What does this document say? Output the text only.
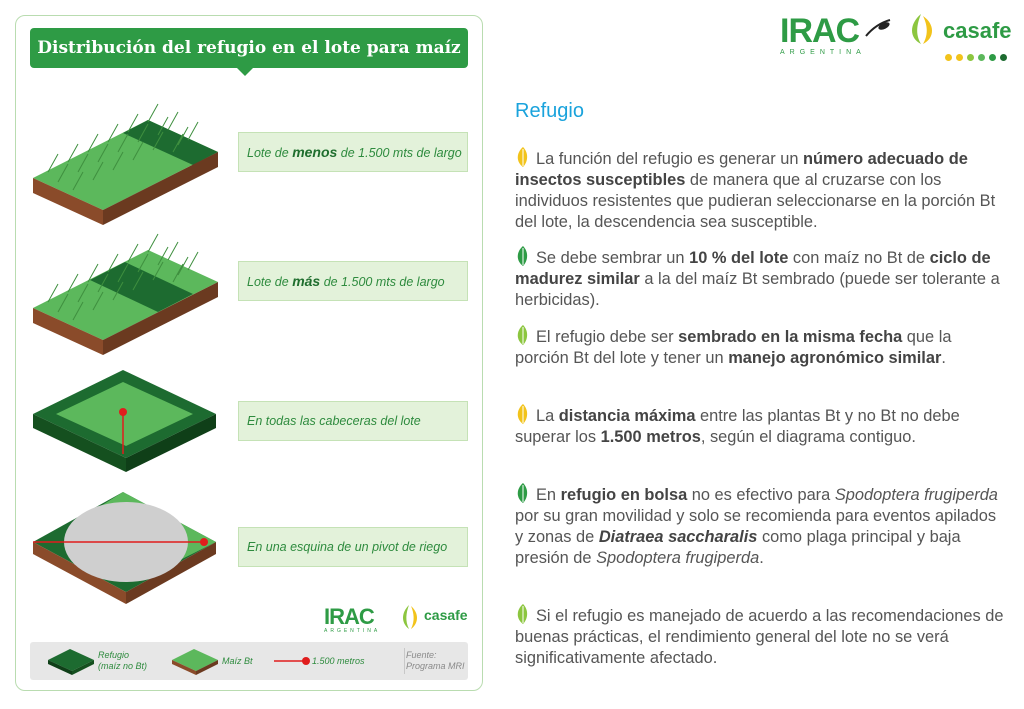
IRAC
ARGENTINA
casafe
Distribución del refugio en el lote para maíz
Lote de menos de 1.500 mts de largo
Lote de más de 1.500 mts de largo
En todas las cabeceras del lote
En una esquina de un pivot de riego
IRAC
ARGENTINA
casafe
Refugio
(maíz no Bt)	Maíz Bt	1.500 metros
Fuente:
Programa MRI
Refugio
La función del refugio es generar un número adecuado de insectos susceptibles de manera que al cruzarse con los individuos resistentes que pudieran seleccionarse en la porción Bt del lote, la descendencia sea susceptible.
Se debe sembrar un 10 % del lote con maíz no Bt de ciclo de madurez similar a la del maíz Bt sembrado (puede ser tolerante a herbicidas).
El refugio debe ser sembrado en la misma fecha que la porción Bt del lote y tener un manejo agronómico similar.
La distancia máxima entre las plantas Bt y no Bt no debe superar los 1.500 metros, según el diagrama contiguo.
En refugio en bolsa no es efectivo para Spodoptera frugiperda por su gran movilidad y solo se recomienda para eventos apilados y zonas de Diatraea saccharalis como plaga principal y baja presión de Spodoptera frugiperda.
Si el refugio es manejado de acuerdo a las recomendaciones de buenas prácticas, el rendimiento general del lote no se verá significativamente afectado.
